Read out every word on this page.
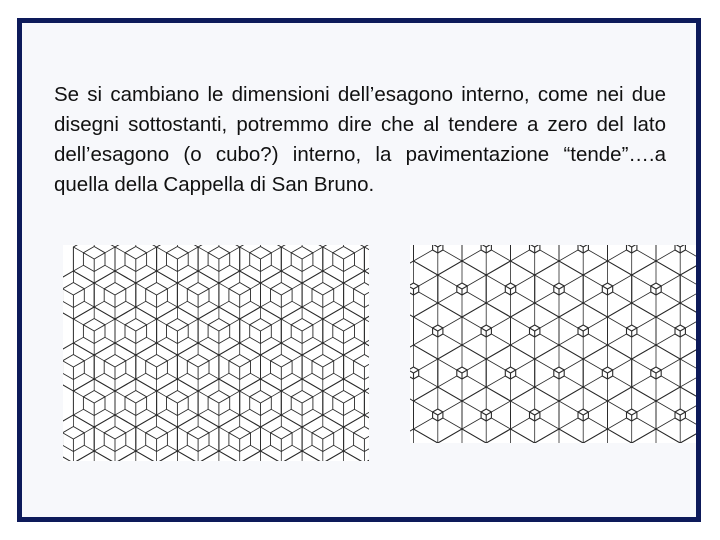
Se si cambiano le dimensioni dell’esagono interno, come nei due disegni sottostanti, potremmo dire che al tendere a zero del lato dell’esagono (o cubo?) interno, la pavimentazione “tende”….a quella della Cappella di San Bruno.
